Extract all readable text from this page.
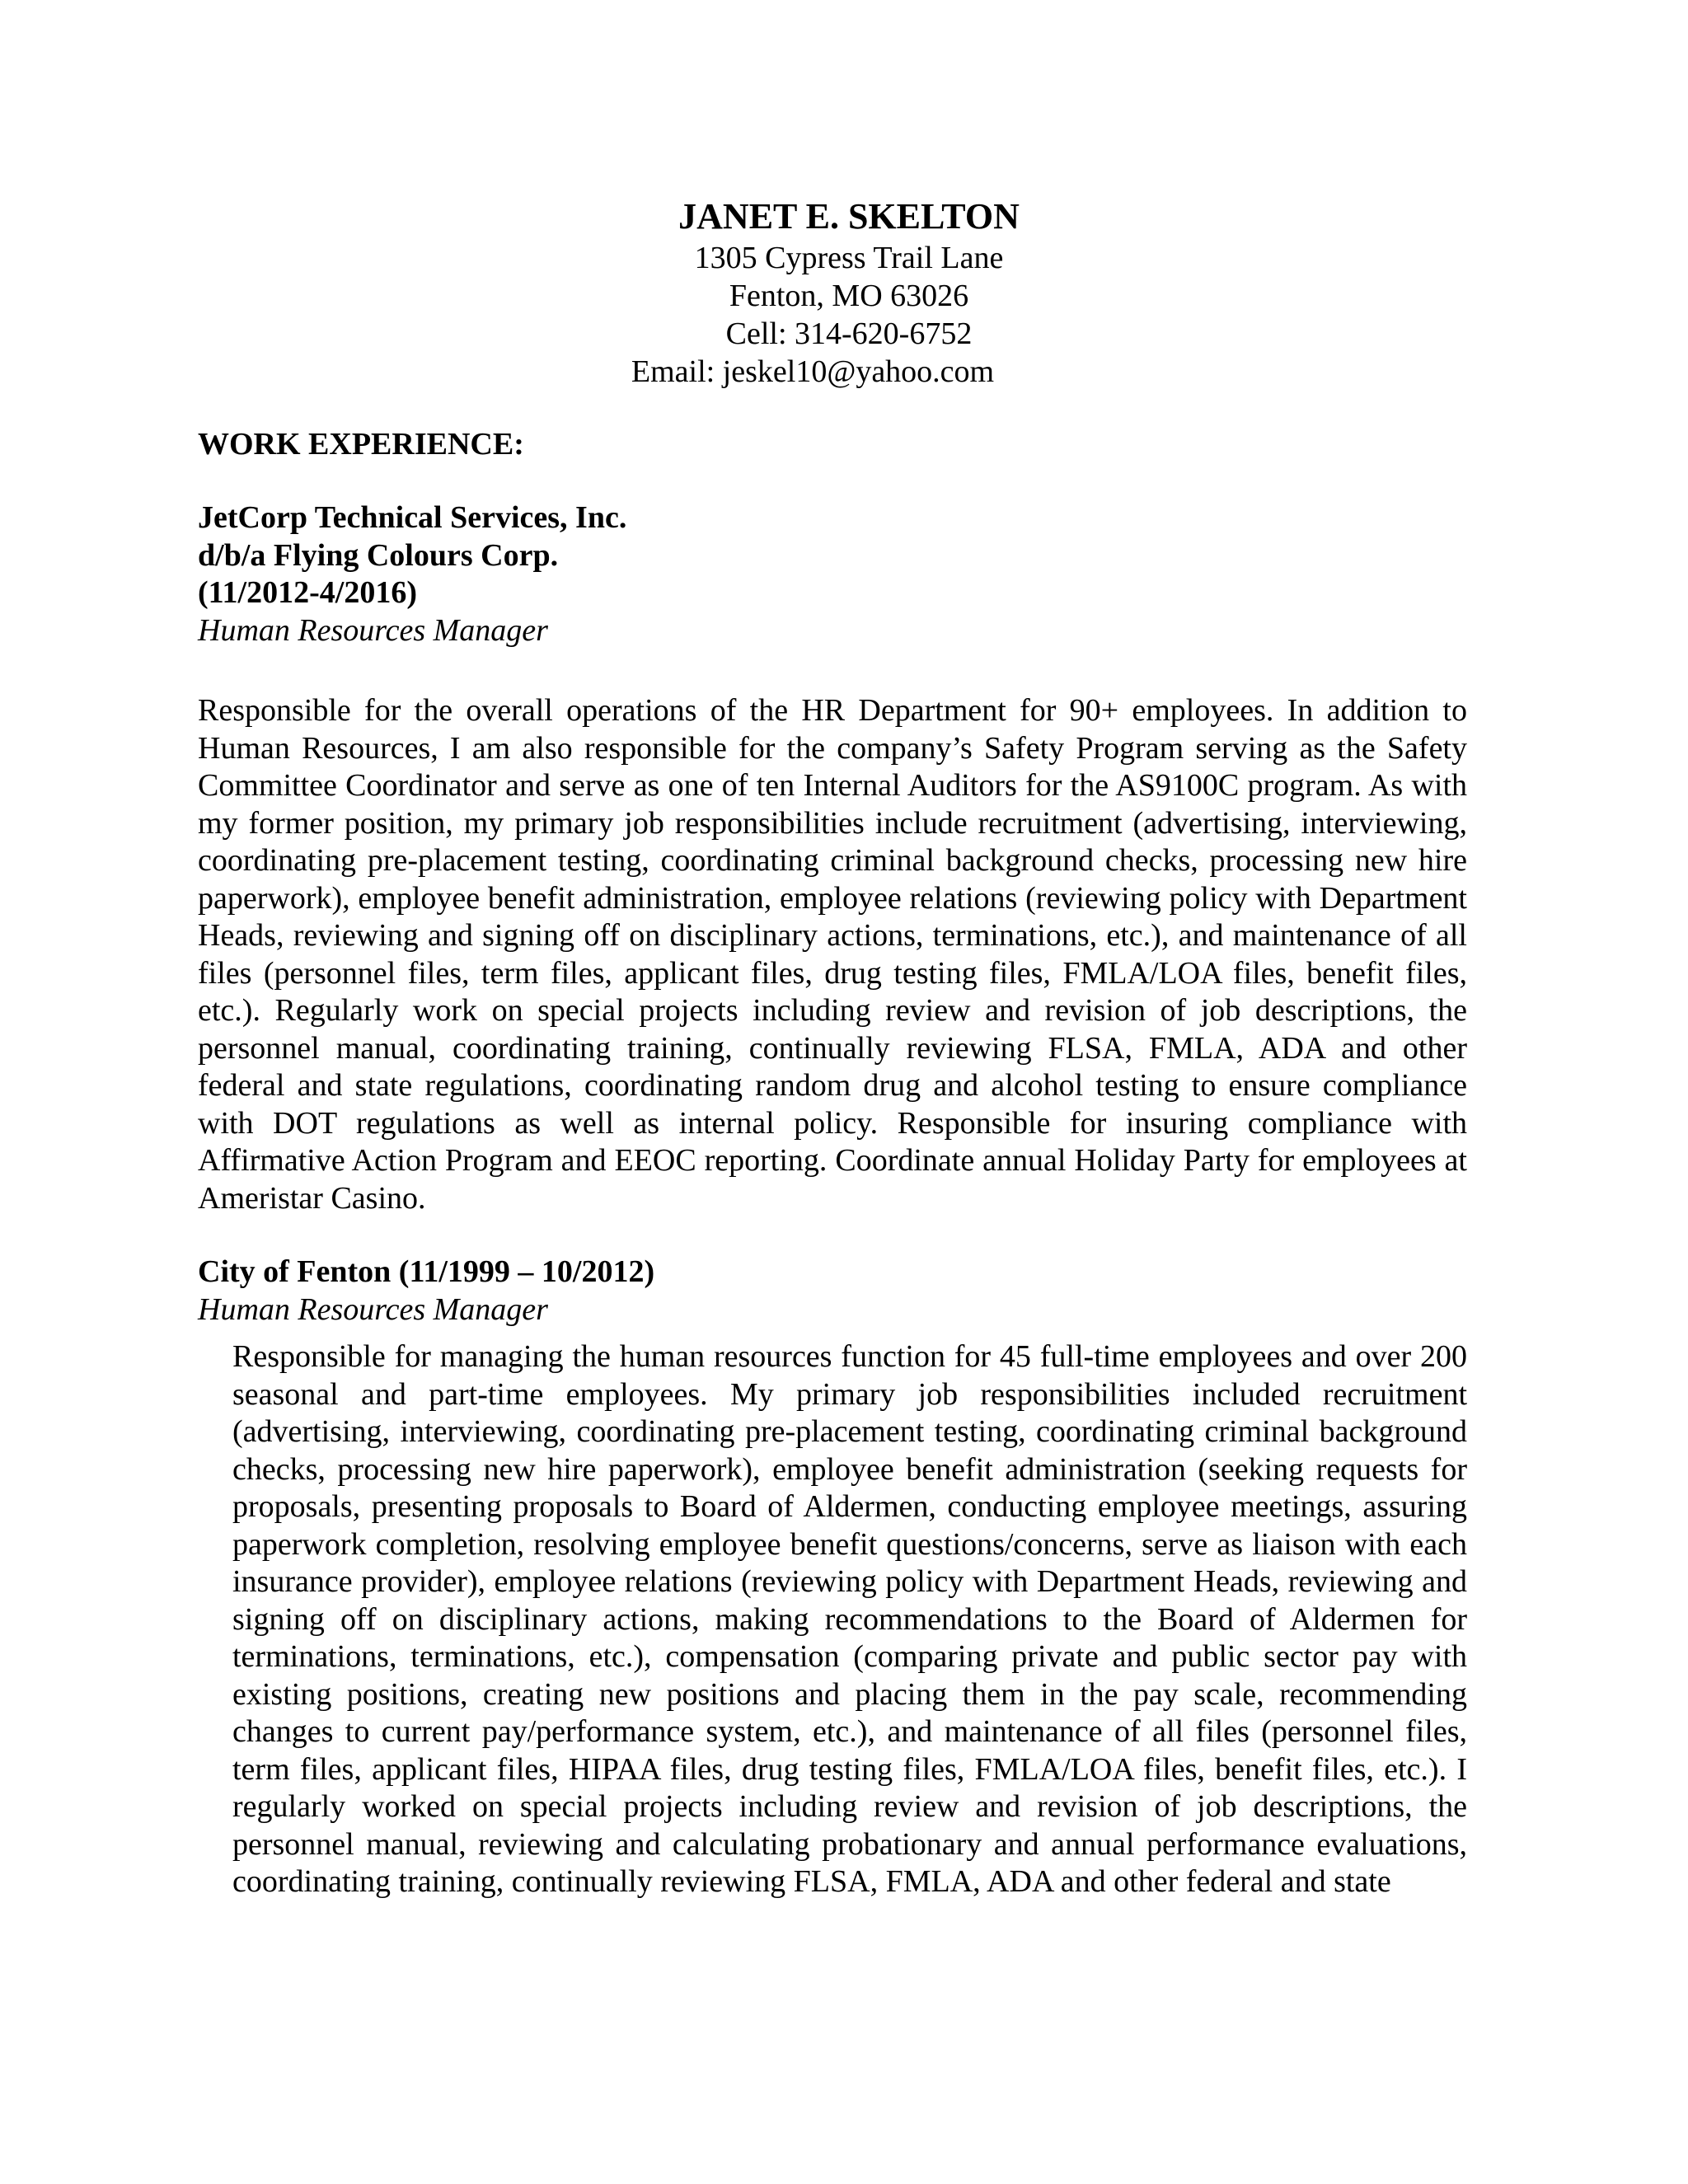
JANET E. SKELTON
1305 Cypress Trail Lane
Fenton, MO 63026
Cell: 314-620-6752
Email: jeskel10@yahoo.com
WORK EXPERIENCE:
JetCorp Technical Services, Inc.
d/b/a Flying Colours Corp.
(11/2012-4/2016)
Human Resources Manager
Responsible for the overall operations of the HR Department for 90+ employees. In addition to Human Resources, I am also responsible for the company’s Safety Program serving as the Safety Committee Coordinator and serve as one of ten Internal Auditors for the AS9100C program. As with my former position, my primary job responsibilities include recruitment (advertising, interviewing, coordinating pre-placement testing, coordinating criminal background checks, processing new hire paperwork), employee benefit administration, employee relations (reviewing policy with Department Heads, reviewing and signing off on disciplinary actions, terminations, etc.), and maintenance of all files (personnel files, term files, applicant files, drug testing files, FMLA/LOA files, benefit files, etc.). Regularly work on special projects including review and revision of job descriptions, the personnel manual, coordinating training, continually reviewing FLSA, FMLA, ADA and other federal and state regulations, coordinating random drug and alcohol testing to ensure compliance with DOT regulations as well as internal policy. Responsible for insuring compliance with Affirmative Action Program and EEOC reporting. Coordinate annual Holiday Party for employees at Ameristar Casino.
City of Fenton (11/1999 – 10/2012)
Human Resources Manager
Responsible for managing the human resources function for 45 full-time employees and over 200 seasonal and part-time employees. My primary job responsibilities included recruitment (advertising, interviewing, coordinating pre-placement testing, coordinating criminal background checks, processing new hire paperwork), employee benefit administration (seeking requests for proposals, presenting proposals to Board of Aldermen, conducting employee meetings, assuring paperwork completion, resolving employee benefit questions/concerns, serve as liaison with each insurance provider), employee relations (reviewing policy with Department Heads, reviewing and signing off on disciplinary actions, making recommendations to the Board of Aldermen for terminations, terminations, etc.), compensation (comparing private and public sector pay with existing positions, creating new positions and placing them in the pay scale, recommending changes to current pay/performance system, etc.), and maintenance of all files (personnel files, term files, applicant files, HIPAA files, drug testing files, FMLA/LOA files, benefit files, etc.). I regularly worked on special projects including review and revision of job descriptions, the personnel manual, reviewing and calculating probationary and annual performance evaluations, coordinating training, continually reviewing FLSA, FMLA, ADA and other federal and state
